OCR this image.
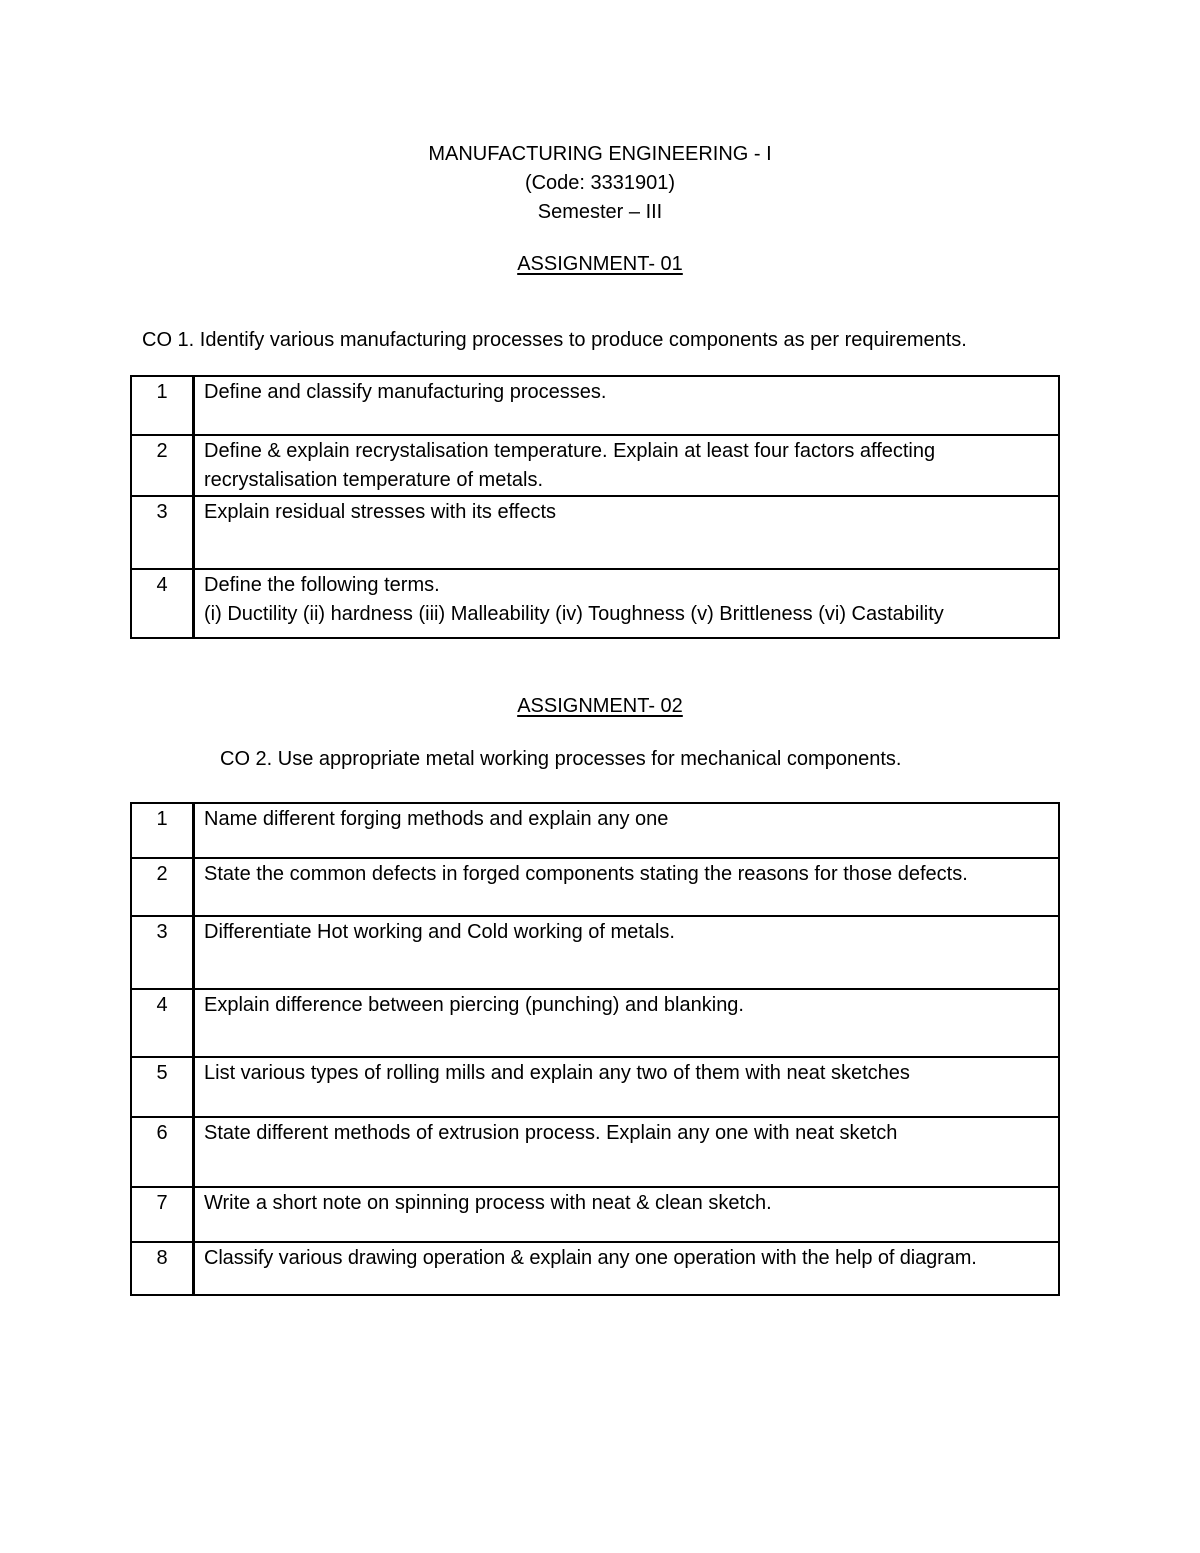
MANUFACTURING ENGINEERING - I
(Code: 3331901)
Semester – III
ASSIGNMENT- 01
CO 1. Identify various manufacturing processes to produce components as per requirements.
1	Define and classify manufacturing processes.
2	Define & explain recrystalisation temperature. Explain at least four factors affecting recrystalisation temperature of metals.
3	Explain residual stresses with its effects
4	Define the following terms.
(i) Ductility (ii) hardness (iii) Malleability (iv) Toughness (v) Brittleness (vi) Castability
ASSIGNMENT- 02
CO 2. Use appropriate metal working processes for mechanical components.
1	Name different forging methods and explain any one
2	State the common defects in forged components stating the reasons for those defects.
3	Differentiate Hot working and Cold working of metals.
4	Explain difference between piercing (punching) and blanking.
5	List various types of rolling mills and explain any two of them with neat sketches
6	State different methods of extrusion process. Explain any one with neat sketch
7	Write a short note on spinning process with neat & clean sketch.
8	Classify various drawing operation & explain any one operation with the help of diagram.
